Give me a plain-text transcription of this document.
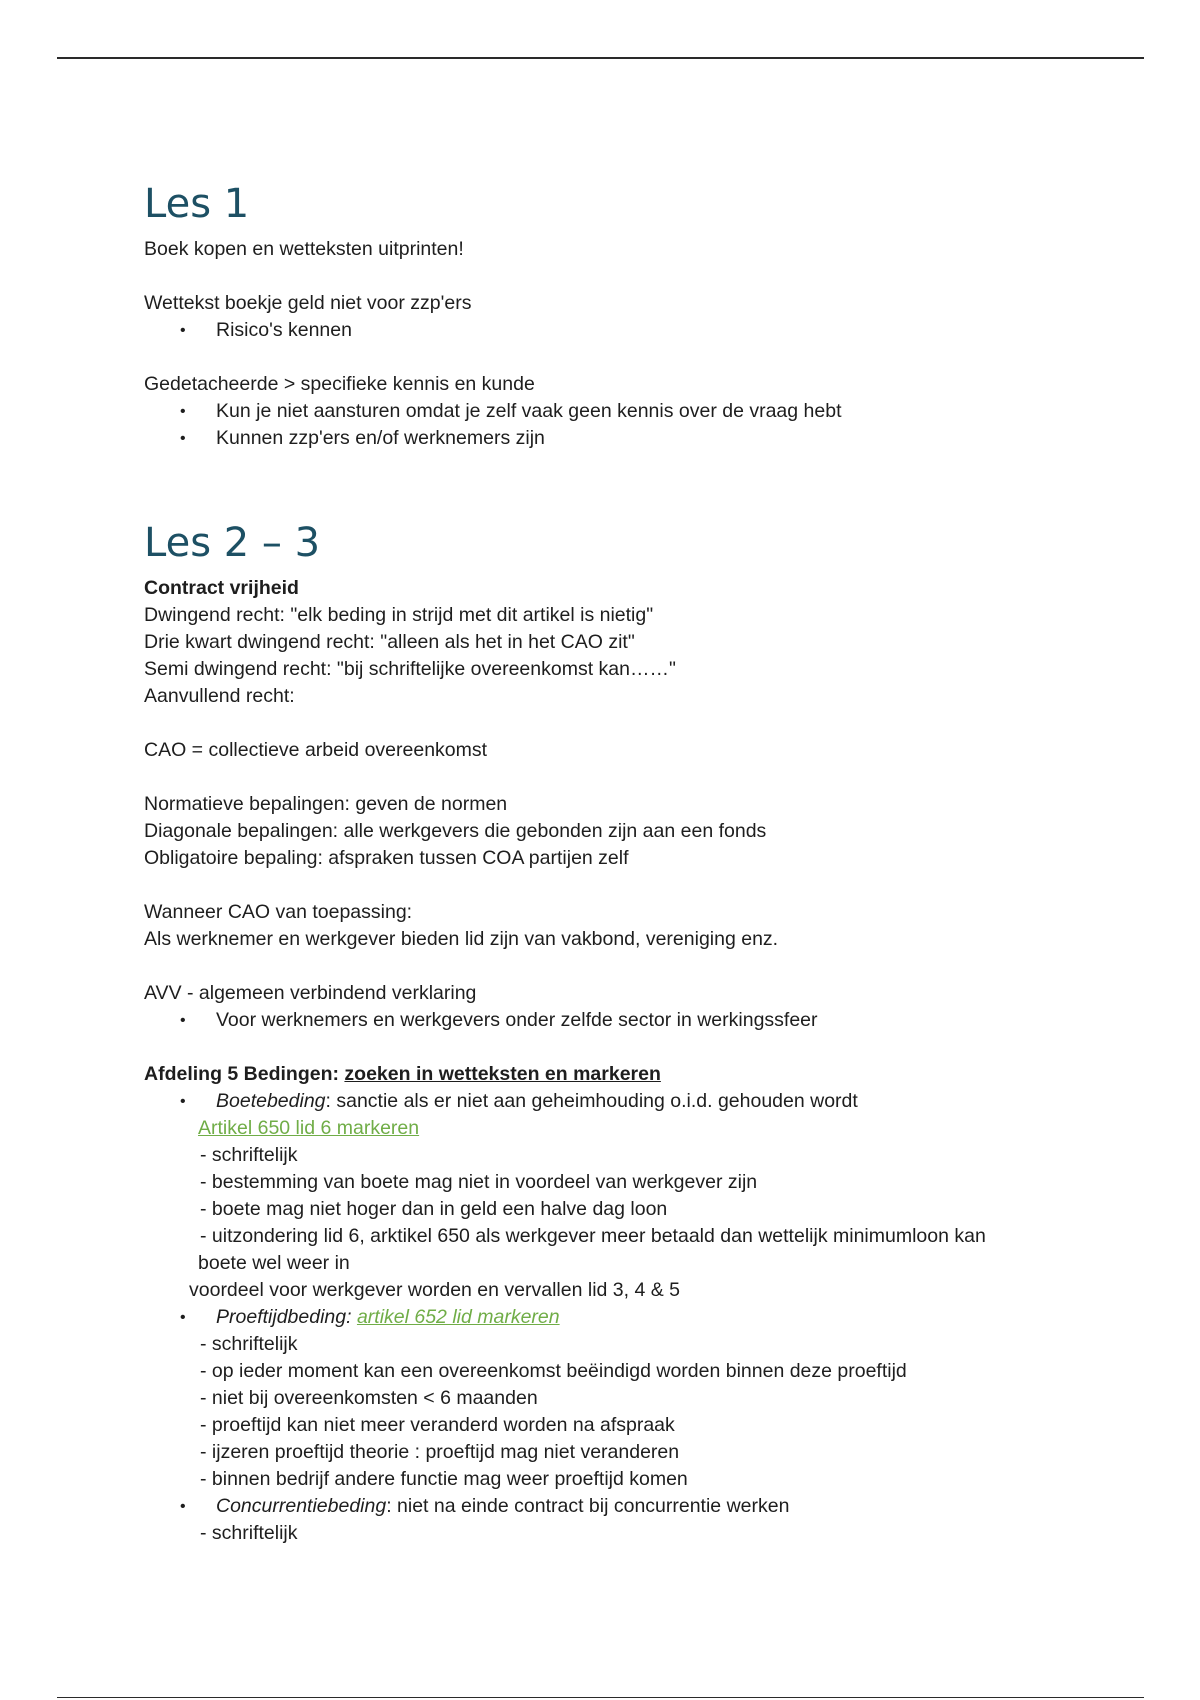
Les 1

Boek kopen en wetteksten uitprinten!

Wettekst boekje geld niet voor zzp'ers

• Risico's kennen

Gedetacheerde > specifieke kennis en kunde

• Kun je niet aansturen omdat je zelf vaak geen kennis over de vraag hebt
• Kunnen zzp'ers en/of werknemers zijn
Les 2 – 3

Contract vrijheid

Dwingend recht: "elk beding in strijd met dit artikel is nietig"

Drie kwart dwingend recht: "alleen als het in het CAO zit"

Semi dwingend recht: "bij schriftelijke overeenkomst kan……"

Aanvullend recht:

CAO = collectieve arbeid overeenkomst

Normatieve bepalingen: geven de normen

Diagonale bepalingen: alle werkgevers die gebonden zijn aan een fonds

Obligatoire bepaling: afspraken tussen COA partijen zelf

Wanneer CAO van toepassing:

Als werknemer en werkgever bieden lid zijn van vakbond, vereniging enz.

AVV - algemeen verbindend verklaring

• Voor werknemers en werkgevers onder zelfde sector in werkingssfeer

Afdeling 5 Bedingen: zoeken in wetteksten en markeren

• Boetebeding: sanctie als er niet aan geheimhouding o.i.d. gehouden wordt

Artikel 650 lid 6 markeren

- schriftelijk

- bestemming van boete mag niet in voordeel van werkgever zijn

- boete mag niet hoger dan in geld een halve dag loon

- uitzondering lid 6, arktikel 650 als werkgever meer betaald dan wettelijk minimumloon kan

boete wel weer in

voordeel voor werkgever worden en vervallen lid 3, 4 & 5

• Proeftijdbeding: artikel 652 lid markeren

- schriftelijk

- op ieder moment kan een overeenkomst beëindigd worden binnen deze proeftijd

- niet bij overeenkomsten < 6 maanden

- proeftijd kan niet meer veranderd worden na afspraak

- ijzeren proeftijd theorie : proeftijd mag niet veranderen

- binnen bedrijf andere functie mag weer proeftijd komen

• Concurrentiebeding: niet na einde contract bij concurrentie werken

- schriftelijk
